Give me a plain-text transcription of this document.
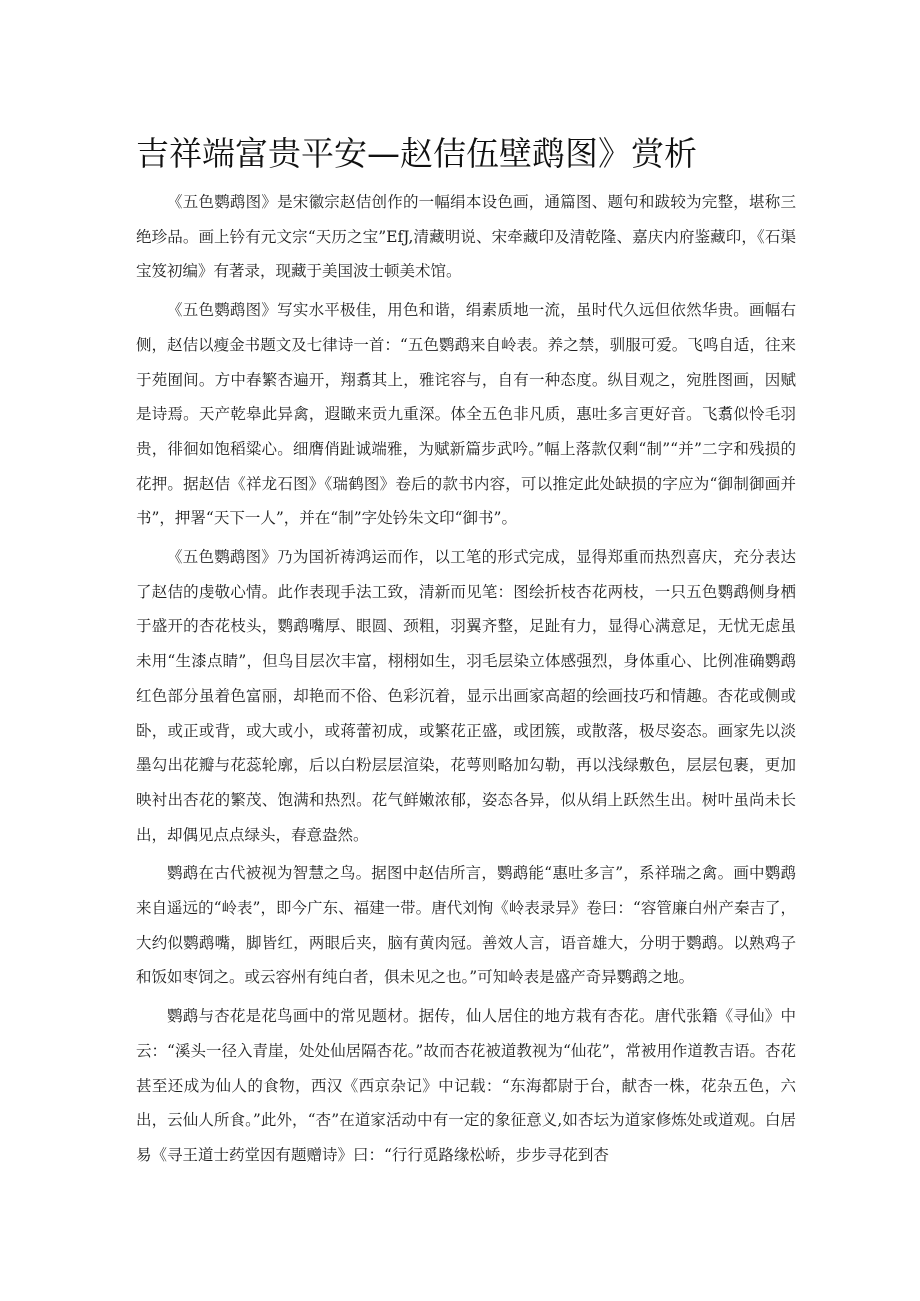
吉祥端富贵平安—赵佶伍壁鹉图》赏析

《五色鹦鹉图》是宋徽宗赵佶创作的一幅绢本设色画，通篇图、题句和跋较为完整，堪称三绝珍品。画上钤有元文宗“天历之宝”EfJ,清藏明说、宋牵藏印及清乾隆、嘉庆内府鉴藏印，《石渠宝笈初编》有著录，现藏于美国波士顿美术馆。

《五色鹦鹉图》写实水平极佳，用色和谐，绢素质地一流，虽时代久远但依然华贵。画幅右侧，赵佶以瘦金书题文及七律诗一首：“五色鹦鹉来自岭表。养之禁，驯服可爱。飞鸣自适，往来于苑囿间。方中春繁杏遍开，翔翥其上，雅诧容与，自有一种态度。纵目观之，宛胜图画，因赋是诗焉。天产乾皋此异禽，遐瞰来贡九重深。体全五色非凡质，惠吐多言更好音。飞翥似怜毛羽贵，徘徊如饱稻粱心。细膺俏趾诚端雅，为赋新篇步武吟。”幅上落款仅剩“制”“并”二字和残损的花押。据赵佶《祥龙石图》《瑞鹤图》卷后的款书内容，可以推定此处缺损的字应为“御制御画并书”，押署“天下一人”，并在“制”字处钤朱文印“御书”。

《五色鹦鹉图》乃为国祈祷鸿运而作，以工笔的形式完成，显得郑重而热烈喜庆，充分表达了赵佶的虔敬心情。此作表现手法工致，清新而见笔：图绘折枝杏花两枝，一只五色鹦鹉侧身栖于盛开的杏花枝头，鹦鹉嘴厚、眼圆、颈粗，羽翼齐整，足趾有力，显得心满意足，无忧无虑虽未用“生漆点睛”，但鸟目层次丰富，栩栩如生，羽毛层染立体感强烈，身体重心、比例准确鹦鹉红色部分虽着色富丽，却艳而不俗、色彩沉着，显示出画家高超的绘画技巧和情趣。杏花或侧或卧，或正或背，或大或小，或蒋蕾初成，或繁花正盛，或团簇，或散落，极尽姿态。画家先以淡墨勾出花瓣与花蕊轮廓，后以白粉层层渲染，花萼则略加勾勒，再以浅绿敷色，层层包裹，更加映衬出杏花的繁茂、饱满和热烈。花气鲜嫩浓郁，姿态各异，似从绢上跃然生出。树叶虽尚未长出，却偶见点点绿头，春意盎然。

鹦鹉在古代被视为智慧之鸟。据图中赵佶所言，鹦鹉能“惠吐多言”，系祥瑞之禽。画中鹦鹉来自遥远的“岭表”，即今广东、福建一带。唐代刘恂《岭表录异》卷曰：“容管廉白州产秦吉了，大约似鹦鹉嘴，脚皆红，两眼后夹，脑有黄肉冠。善效人言，语音雄大，分明于鹦鹉。以熟鸡子和饭如枣饲之。或云容州有纯白者，俱未见之也。”可知岭表是盛产奇异鹦鹉之地。

鹦鹉与杏花是花鸟画中的常见题材。据传，仙人居住的地方栽有杏花。唐代张籍《寻仙》中云：“溪头一径入青崖，处处仙居隔杏花。”故而杏花被道教视为“仙花”，常被用作道教吉语。杏花甚至还成为仙人的食物，西汉《西京杂记》中记载：“东海都尉于台，献杏一株，花杂五色，六出，云仙人所食。”此外，“杏”在道家活动中有一定的象征意义,如杏坛为道家修炼处或道观。白居易《寻王道士药堂因有题赠诗》曰：“行行觅路缘松峤，步步寻花到杏
